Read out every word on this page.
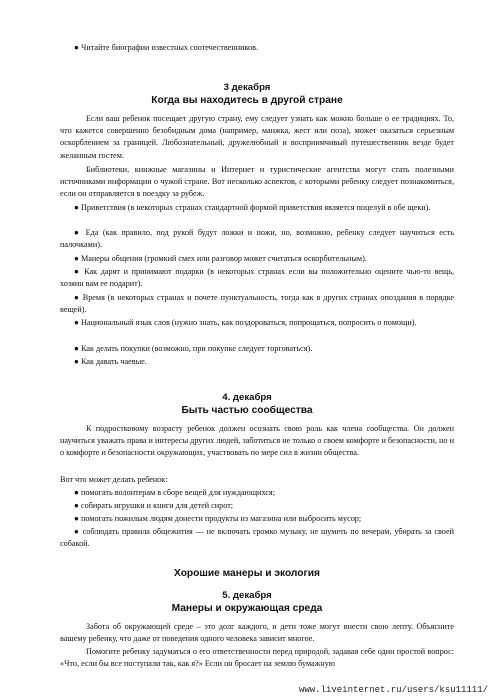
● Читайте биографии известных соотечественников.

3 декабря

Когда вы находитесь в другой стране

Если ваш ребенок посещает другую страну, ему следует узнать как можно больше о ее традициях. То, что кажется совершенно безобидным дома (например, манжка, жест или поза), может оказаться серьезным оскорблением за границей. Любознательный, дружелюбный и восприимчивый путешественник везде будет желанным гостем.

Библиотеки, книжные магазины и Интернет и туристические агентства могут стать полезными источниками информации о чужой стране. Вот несколько аспектов, с которыми ребенку следует познакомиться, если он отправляется в поездку за рубеж.

● Приветствия (в некоторых странах стандартной формой приветствия является поцелуй в обе щеки).

● Еда (как правило, под рукой будут ложки и ножи, но, возможно, ребенку следует научиться есть палочками).

● Манеры общения (громкий смех или разговор может считаться оскорбительным).

● Как дарят и принимают подарки (в некоторых странах если вы положительно оцените чью-то вещь, хозяин вам ее подарит).

● Время (в некоторых странах и почете пунктуальность, тогда как в других странах опоздания в порядке вещей).

● Национальный язык слов (нужно знать, как поздороваться, попрощаться, попросить о помощи).

● Как делать покупки (возможно, при покупке следует торговаться).

● Как давать чаевые.

4. декабря

Быть частью сообщества

К подростковому возрасту ребенок должен осознать свою роль как члена сообщества. Он должен научиться уважать права и интересы других людей, заботиться не только о своем комфорте и безопасности, но и о комфорте и безопасности окружающих, участвовать по мере сил в жизни общества.

Вот что может делать ребенок:

● помогать волонтерам в сборе вещей для нуждающихся;

● собирать игрушки и книги для детей сирот;

● помогать пожилым людям донести продукты из магазина или выбросить мусор;

● соблюдать правила общежития — не включать громко музыку, не шуметь по вечерам, убирать за своей собакой.

Хорошие манеры и экология

5. декабря

Манеры и окружающая среда

Забота об окружающей среде – это долг каждого, и дети тоже могут внести свою лепту. Объясните вашему ребенку, что даже от поведения одного человека зависит многое.

Помогите ребенку задуматься о его ответственности перед природой, задавая себе один простой вопрос: «Что, если бы все поступали так, как я?» Если он бросает на землю бумажную

www.liveinternet.ru/users/ksu11111/
